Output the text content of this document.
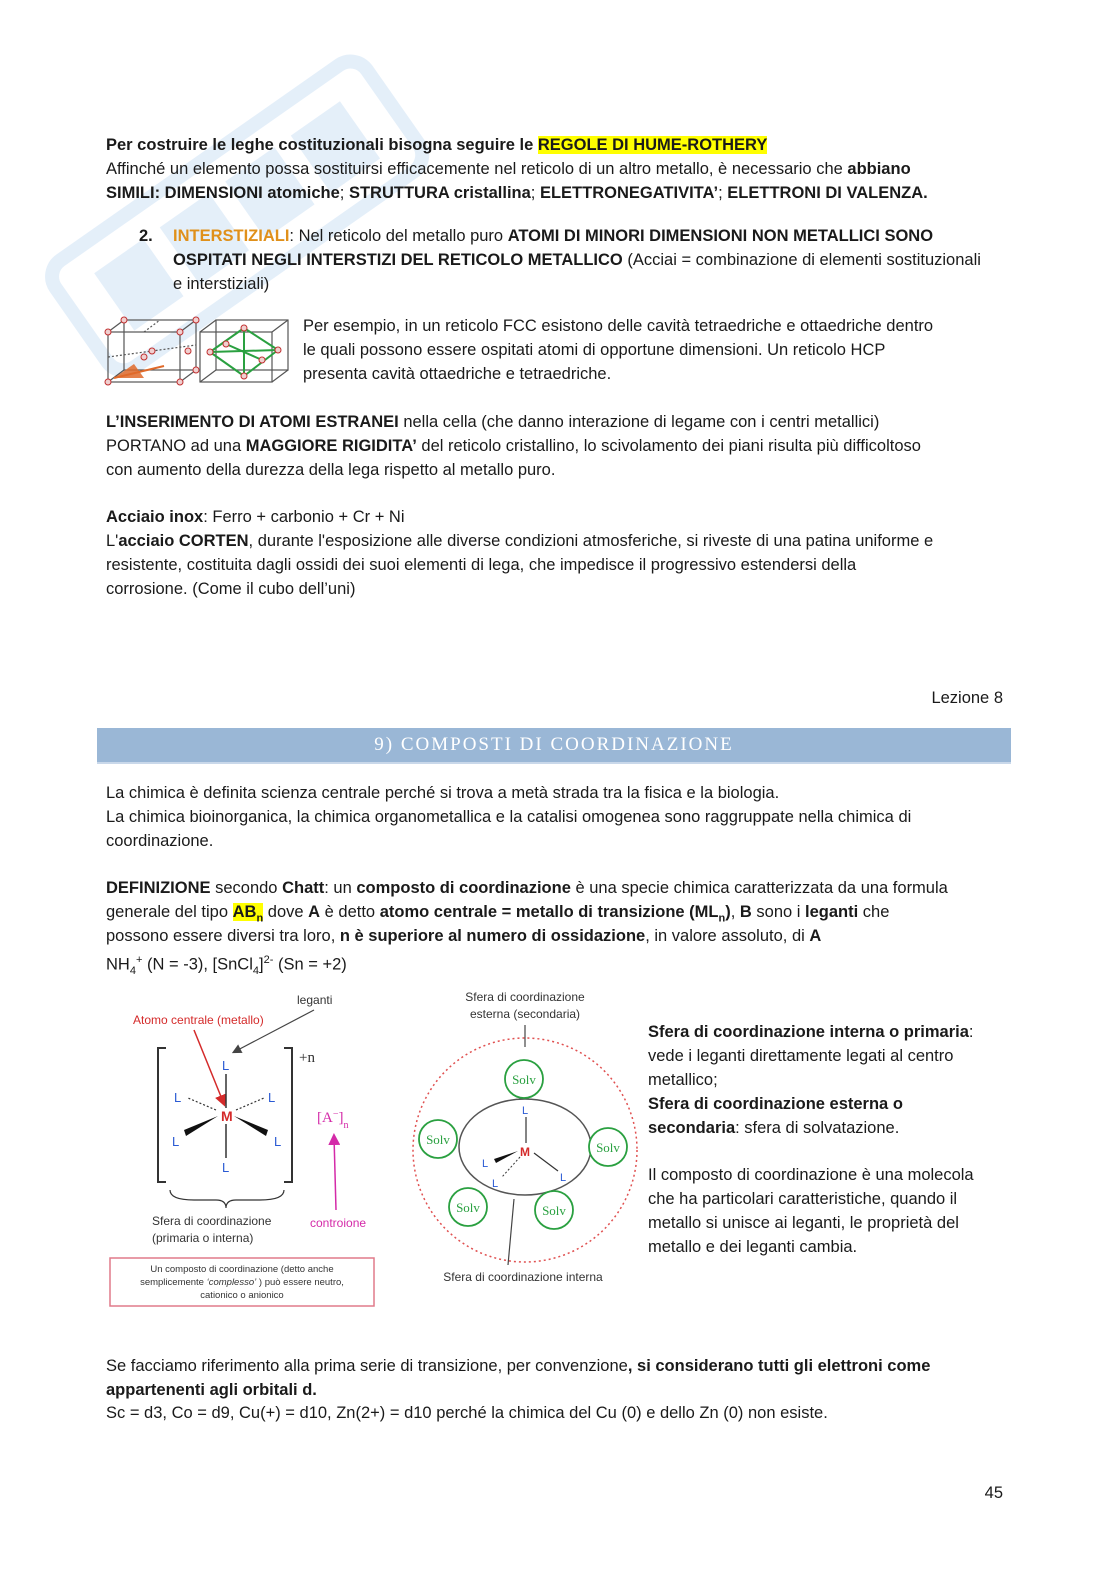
Per costruire le leghe costituzionali bisogna seguire le REGOLE DI HUME-ROTHERY
Affinché un elemento possa sostituirsi efficacemente nel reticolo di un altro metallo, è necessario che abbiano
SIMILI: DIMENSIONI atomiche; STRUTTURA cristallina; ELETTRONEGATIVITA’; ELETTRONI DI VALENZA.
2. INTERSTIZIALI: Nel reticolo del metallo puro ATOMI DI MINORI DIMENSIONI NON METALLICI SONO
OSPITATI NEGLI INTERSTIZI DEL RETICOLO METALLICO (Acciai = combinazione di elementi sostituzionali
e interstiziali)
Per esempio, in un reticolo FCC esistono delle cavità tetraedriche e ottaedriche dentro
le quali possono essere ospitati atomi di opportune dimensioni. Un reticolo HCP
presenta cavità ottaedriche e tetraedriche.
L’INSERIMENTO DI ATOMI ESTRANEI nella cella (che danno interazione di legame con i centri metallici)
PORTANO ad una MAGGIORE RIGIDITA’ del reticolo cristallino, lo scivolamento dei piani risulta più difficoltoso
con aumento della durezza della lega rispetto al metallo puro.
Acciaio inox: Ferro + carbonio + Cr + Ni
L'acciaio CORTEN, durante l'esposizione alle diverse condizioni atmosferiche, si riveste di una patina uniforme e
resistente, costituita dagli ossidi dei suoi elementi di lega, che impedisce il progressivo estendersi della
corrosione. (Come il cubo dell’uni)
Lezione 8
9) COMPOSTI DI COORDINAZIONE
La chimica è definita scienza centrale perché si trova a metà strada tra la fisica e la biologia.
La chimica bioinorganica, la chimica organometallica e la catalisi omogenea sono raggruppate nella chimica di
coordinazione.
DEFINIZIONE secondo Chatt: un composto di coordinazione è una specie chimica caratterizzata da una formula
generale del tipo $AB_n$ dove A è detto atomo centrale = metallo di transizione $(ML_n)$, B sono i leganti che
possono essere diversi tra loro, n è superiore al numero di ossidazione, in valore assoluto, di A
$NH_4^+$ (N = -3), [SnCl$_4$]$^{2-}$ (Sn = +2)
leganti
Atomo centrale (metallo)
+n
L
M
L
L	L
L	L
$[A^-]_n$
Sfera di coordinazione
(primaria o interna)
controione
Un composto di coordinazione (detto anche
semplicemente ‘complesso’ ) può essere neutro,
cationico o anionico
Sfera di coordinazione
esterna (secondaria)
Solv
Solv
Solv
Solv	Solv
L
M
L
L
L
Sfera di coordinazione interna
Sfera di coordinazione interna o primaria:
vede i leganti direttamente legati al centro
metallico;
Sfera di coordinazione esterna o
secondaria: sfera di solvatazione.
Il composto di coordinazione è una molecola
che ha particolari caratteristiche, quando il
metallo si unisce ai leganti, le proprietà del
metallo e dei leganti cambia.
Se facciamo riferimento alla prima serie di transizione, per convenzione, si considerano tutti gli elettroni come
appartenenti agli orbitali d.
Sc = d3, Co = d9, Cu(+) = d10, Zn(2+) = d10 perché la chimica del Cu (0) e dello Zn (0) non esiste.
45
